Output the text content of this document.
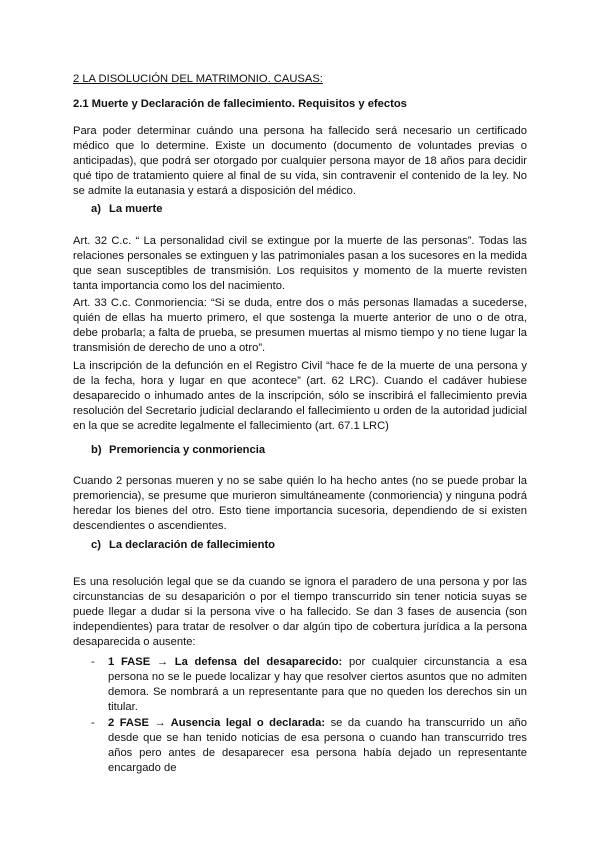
2 LA DISOLUCIÓN DEL MATRIMONIO. CAUSAS:

2.1 Muerte y Declaración de fallecimiento. Requisitos y efectos

Para poder determinar cuándo una persona ha fallecido será necesario un certificado médico que lo determine. Existe un documento (documento de voluntades previas o anticipadas), que podrá ser otorgado por cualquier persona mayor de 18 años para decidir qué tipo de tratamiento quiere al final de su vida, sin contravenir el contenido de la ley. No se admite la eutanasia y estará a disposición del médico.

a) La muerte

Art. 32 C.c. “ La personalidad civil se extingue por la muerte de las personas”. Todas las relaciones personales se extinguen y las patrimoniales pasan a los sucesores en la medida que sean susceptibles de transmisión. Los requisitos y momento de la muerte revisten tanta importancia como los del nacimiento.

Art. 33 C.c. Conmoriencia: “Si se duda, entre dos o más personas llamadas a sucederse, quién de ellas ha muerto primero, el que sostenga la muerte anterior de uno o de otra, debe probarla; a falta de prueba, se presumen muertas al mismo tiempo y no tiene lugar la transmisión de derecho de uno a otro”.

La inscripción de la defunción en el Registro Civil “hace fe de la muerte de una persona y de la fecha, hora y lugar en que acontece” (art. 62 LRC). Cuando el cadáver hubiese desaparecido o inhumado antes de la inscripción, sólo se inscribirá el fallecimiento previa resolución del Secretario judicial declarando el fallecimiento u orden de la autoridad judicial en la que se acredite legalmente el fallecimiento (art. 67.1 LRC)

b) Premoriencia y conmoriencia

Cuando 2 personas mueren y no se sabe quién lo ha hecho antes (no se puede probar la premoriencia), se presume que murieron simultáneamente (conmoriencia) y ninguna podrá heredar los bienes del otro. Esto tiene importancia sucesoria, dependiendo de si existen descendientes o ascendientes.

c) La declaración de fallecimiento

Es una resolución legal que se da cuando se ignora el paradero de una persona y por las circunstancias de su desaparición o por el tiempo transcurrido sin tener noticia suyas se puede llegar a dudar si la persona vive o ha fallecido. Se dan 3 fases de ausencia (son independientes) para tratar de resolver o dar algún tipo de cobertura jurídica a la persona desaparecida o ausente:

- 1 FASE → La defensa del desaparecido: por cualquier circunstancia a esa persona no se le puede localizar y hay que resolver ciertos asuntos que no admiten demora. Se nombrará a un representante para que no queden los derechos sin un titular.
- 2 FASE → Ausencia legal o declarada: se da cuando ha transcurrido un año desde que se han tenido noticias de esa persona o cuando han transcurrido tres años pero antes de desaparecer esa persona había dejado un representante encargado de
